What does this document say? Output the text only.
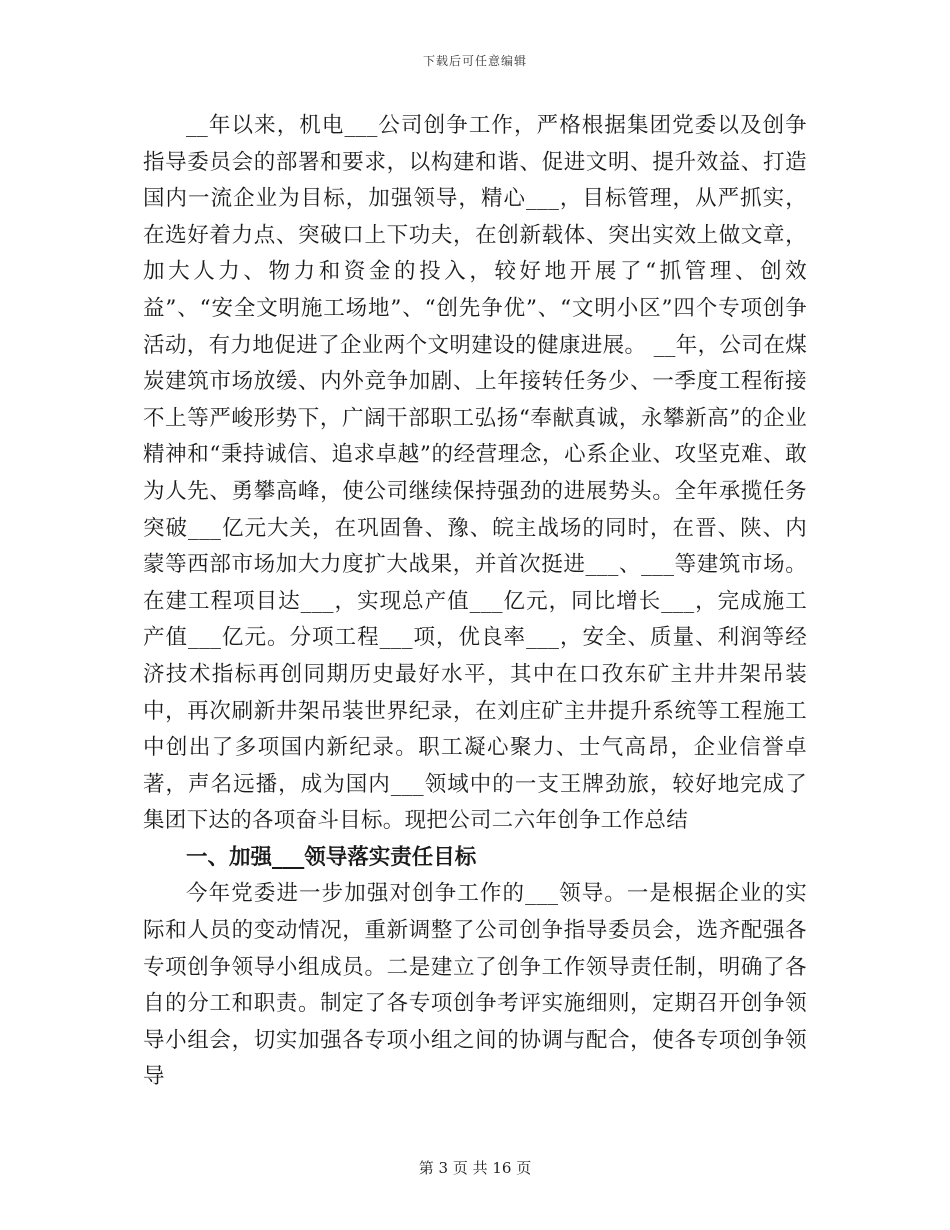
下载后可任意编辑

__年以来，机电___公司创争工作，严格根据集团党委以及创争指导委员会的部署和要求，以构建和谐、促进文明、提升效益、打造国内一流企业为目标，加强领导，精心___，目标管理，从严抓实，在选好着力点、突破口上下功夫，在创新载体、突出实效上做文章，加大人力、物力和资金的投入，较好地开展了“抓管理、创效益”、“安全文明施工场地”、“创先争优”、“文明小区”四个专项创争活动，有力地促进了企业两个文明建设的健康进展。 __年，公司在煤炭建筑市场放缓、内外竞争加剧、上年接转任务少、一季度工程衔接不上等严峻形势下，广阔干部职工弘扬“奉献真诚，永攀新高”的企业精神和“秉持诚信、追求卓越”的经营理念，心系企业、攻坚克难、敢为人先、勇攀高峰，使公司继续保持强劲的进展势头。全年承揽任务突破___亿元大关，在巩固鲁、豫、皖主战场的同时，在晋、陕、内蒙等西部市场加大力度扩大战果，并首次挺进___、___等建筑市场。在建工程项目达___，实现总产值___亿元，同比增长___，完成施工产值___亿元。分项工程___项，优良率___，安全、质量、利润等经济技术指标再创同期历史最好水平，其中在口孜东矿主井井架吊装中，再次刷新井架吊装世界纪录，在刘庄矿主井提升系统等工程施工中创出了多项国内新纪录。职工凝心聚力、士气高昂，企业信誉卓著，声名远播，成为国内___领域中的一支王牌劲旅，较好地完成了集团下达的各项奋斗目标。现把公司二六年创争工作总结

一、加强___领导落实责任目标

今年党委进一步加强对创争工作的___领导。一是根据企业的实际和人员的变动情况，重新调整了公司创争指导委员会，选齐配强各专项创争领导小组成员。二是建立了创争工作领导责任制，明确了各自的分工和职责。制定了各专项创争考评实施细则，定期召开创争领导小组会，切实加强各专项小组之间的协调与配合，使各专项创争领导

第 3 页 共 16 页
